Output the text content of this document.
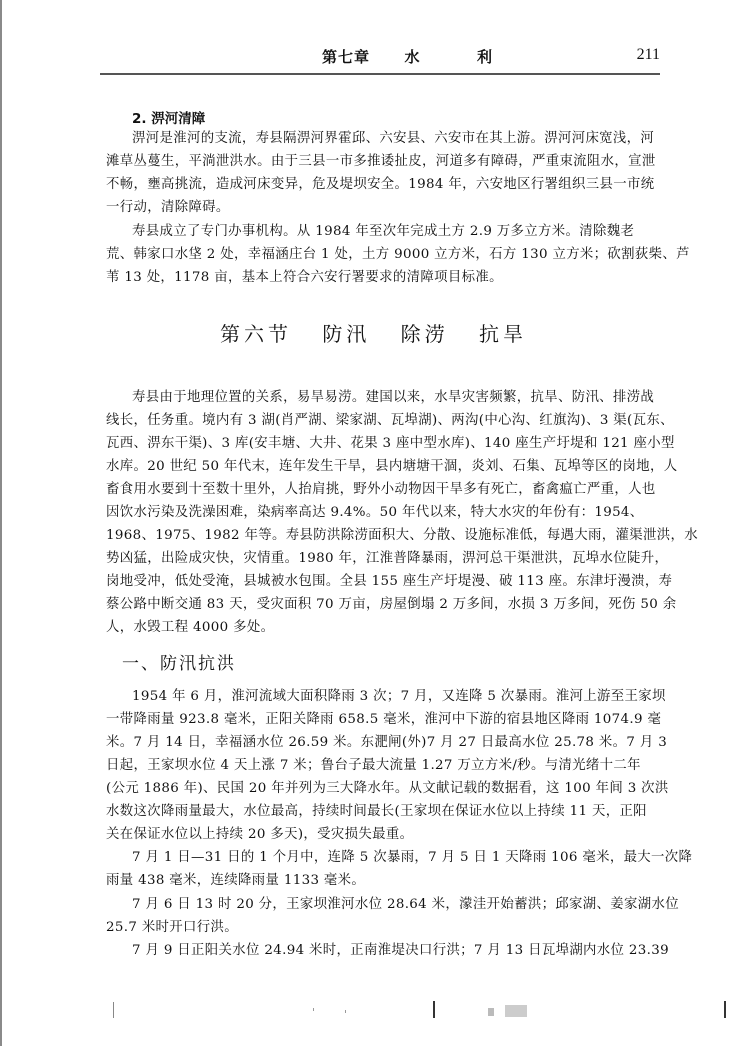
第七章 水	利	211
2. 淠河清障
淠河是淮河的支流，寿县隔淠河界霍邱、六安县、六安市在其上游。淠河河床宽浅，河
滩草丛蔓生，平淌泄洪水。由于三县一市多推诿扯皮，河道多有障碍，严重束流阻水，宣泄
不畅，壅高挑流，造成河床变异，危及堤坝安全。1984 年，六安地区行署组织三县一市统
一行动，清除障碍。
寿县成立了专门办事机构。从 1984 年至次年完成土方 2.9 万多立方米。清除魏老
荒、韩家口水垡 2 处，幸福涵庄台 1 处，土方 9000 立方米，石方 130 立方米；砍割荻柴、芦
苇 13 处，1178 亩，基本上符合六安行署要求的清障项目标准。
第六节 防汛 除涝 抗旱
寿县由于地理位置的关系，易旱易涝。建国以来，水旱灾害频繁，抗旱、防汛、排涝战
线长，任务重。境内有 3 湖(肖严湖、梁家湖、瓦埠湖)、两沟(中心沟、红旗沟)、3 渠(瓦东、
瓦西、淠东干渠)、3 库(安丰塘、大井、花果 3 座中型水库)、140 座生产圩堤和 121 座小型
水库。20 世纪 50 年代末，连年发生干旱，县内塘塘干涸，炎刘、石集、瓦埠等区的岗地，人
畜食用水要到十至数十里外，人抬肩挑，野外小动物因干旱多有死亡，畜禽瘟亡严重，人也
因饮水污染及洗澡困难，染病率高达 9.4%。50 年代以来，特大水灾的年份有：1954、
1968、1975、1982 年等。寿县防洪除涝面积大、分散、设施标准低，每遇大雨，灌渠泄洪，水
势凶猛，出险成灾快，灾情重。1980 年，江淮普降暴雨，淠河总干渠泄洪，瓦埠水位陡升，
岗地受冲，低处受淹，县城被水包围。全县 155 座生产圩堤漫、破 113 座。东津圩漫溃，寿
蔡公路中断交通 83 天，受灾面积 70 万亩，房屋倒塌 2 万多间，水损 3 万多间，死伤 50 余
人，水毁工程 4000 多处。
一、防汛抗洪
1954 年 6 月，淮河流域大面积降雨 3 次；7 月，又连降 5 次暴雨。淮河上游至王家坝
一带降雨量 923.8 毫米，正阳关降雨 658.5 毫米，淮河中下游的宿县地区降雨 1074.9 毫
米。7 月 14 日，幸福涵水位 26.59 米。东淝闸(外)7 月 27 日最高水位 25.78 米。7 月 3
日起，王家坝水位 4 天上涨 7 米；鲁台子最大流量 1.27 万立方米/秒。与清光绪十二年
(公元 1886 年)、民国 20 年并列为三大降水年。从文献记载的数据看，这 100 年间 3 次洪
水数这次降雨量最大，水位最高，持续时间最长(王家坝在保证水位以上持续 11 天，正阳
关在保证水位以上持续 20 多天)，受灾损失最重。
7 月 1 日—31 日的 1 个月中，连降 5 次暴雨，7 月 5 日 1 天降雨 106 毫米，最大一次降
雨量 438 毫米，连续降雨量 1133 毫米。
7 月 6 日 13 时 20 分，王家坝淮河水位 28.64 米，濛洼开始蓄洪；邱家湖、姜家湖水位
25.7 米时开口行洪。
7 月 9 日正阳关水位 24.94 米时，正南淮堤决口行洪；7 月 13 日瓦埠湖内水位 23.39
